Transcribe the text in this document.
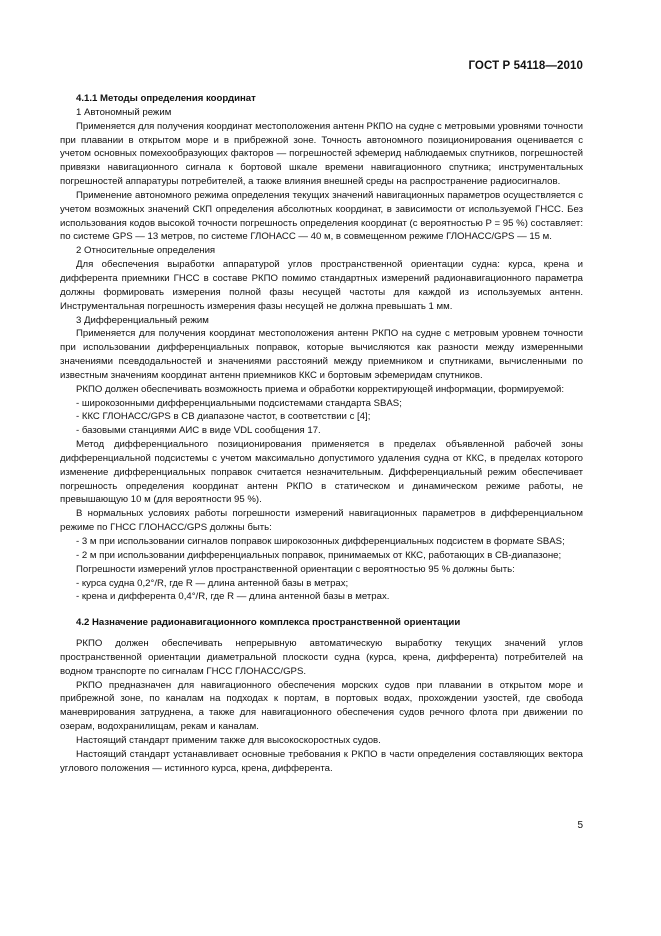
ГОСТ Р 54118—2010

4.1.1 Методы определения координат

1 Автономный режим

Применяется для получения координат местоположения антенн РКПО на судне с метровыми уровнями точности при плавании в открытом море и в прибрежной зоне. Точность автономного позиционирования оценивается с учетом основных помехообразующих факторов — погрешностей эфемерид наблюдаемых спутников, погрешностей привязки навигационного сигнала к бортовой шкале времени навигационного спутника; инструментальных погрешностей аппаратуры потребителей, а также влияния внешней среды на распространение радиосигналов.

Применение автономного режима определения текущих значений навигационных параметров осуществляется с учетом возможных значений СКП определения абсолютных координат, в зависимости от используемой ГНСС. Без использования кодов высокой точности погрешность определения координат (с вероятностью P = 95 %) составляет: по системе GPS — 13 метров, по системе ГЛОНАСС — 40 м, в совмещенном режиме ГЛОНАСС/GPS — 15 м.

2 Относительные определения

Для обеспечения выработки аппаратурой углов пространственной ориентации судна: курса, крена и дифферента приемники ГНСС в составе РКПО помимо стандартных измерений радионавигационного параметра должны формировать измерения полной фазы несущей частоты для каждой из используемых антенн. Инструментальная погрешность измерения фазы несущей не должна превышать 1 мм.

3 Дифференциальный режим

Применяется для получения координат местоположения антенн РКПО на судне с метровым уровнем точности при использовании дифференциальных поправок, которые вычисляются как разности между измеренными значениями псевдодальностей и значениями расстояний между приемником и спутниками, вычисленными по известным значениям координат антенн приемников ККС и бортовым эфемеридам спутников.

РКПО должен обеспечивать возможность приема и обработки корректирующей информации, формируемой:

- широкозонными дифференциальными подсистемами стандарта SBAS;

- ККС ГЛОНАСС/GPS в СВ диапазоне частот, в соответствии с [4];

- базовыми станциями АИС в виде VDL сообщения 17.

Метод дифференциального позиционирования применяется в пределах объявленной рабочей зоны дифференциальной подсистемы с учетом максимально допустимого удаления судна от ККС, в пределах которого изменение дифференциальных поправок считается незначительным. Дифференциальный режим обеспечивает погрешность определения координат антенн РКПО в статическом и динамическом режиме работы, не превышающую 10 м (для вероятности 95 %).

В нормальных условиях работы погрешности измерений навигационных параметров в дифференциальном режиме по ГНСС ГЛОНАСС/GPS должны быть:

- 3 м при использовании сигналов поправок широкозонных дифференциальных подсистем в формате SBAS;

- 2 м при использовании дифференциальных поправок, принимаемых от ККС, работающих в CB-диапазоне;

Погрешности измерений углов пространственной ориентации с вероятностью 95 % должны быть:

- курса судна 0,2°/R, где R — длина антенной базы в метрах;

- крена и дифферента 0,4°/R, где R — длина антенной базы в метрах.

4.2 Назначение радионавигационного комплекса пространственной ориентации

РКПО должен обеспечивать непрерывную автоматическую выработку текущих значений углов пространственной ориентации диаметральной плоскости судна (курса, крена, дифферента) потребителей на водном транспорте по сигналам ГНСС ГЛОНАСС/GPS.

РКПО предназначен для навигационного обеспечения морских судов при плавании в открытом море и прибрежной зоне, по каналам на подходах к портам, в портовых водах, прохождении узостей, где свобода маневрирования затруднена, а также для навигационного обеспечения судов речного флота при движении по озерам, водохранилищам, рекам и каналам.

Настоящий стандарт применим также для высокоскоростных судов.

Настоящий стандарт устанавливает основные требования к РКПО в части определения составляющих вектора углового положения — истинного курса, крена, дифферента.

5
